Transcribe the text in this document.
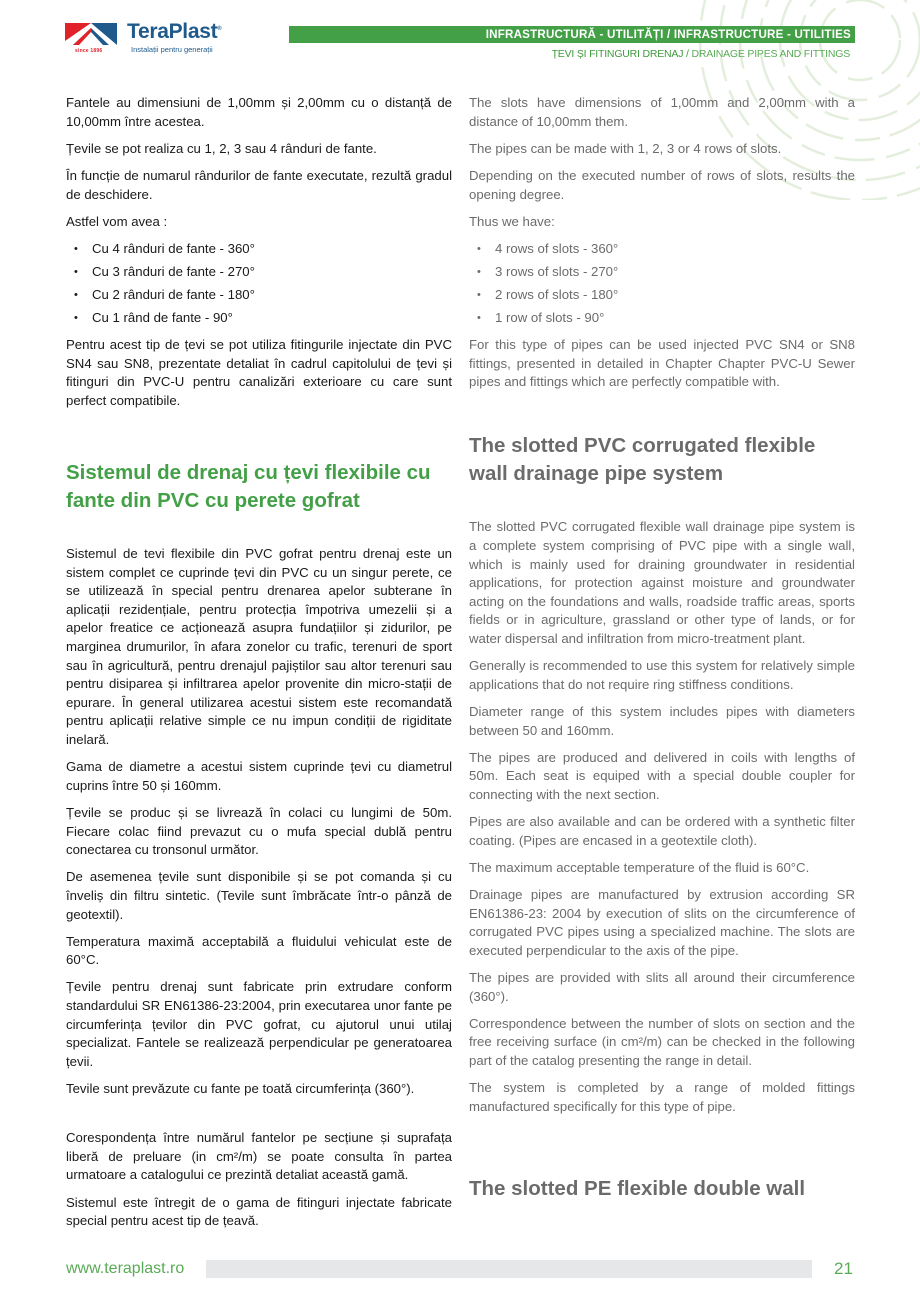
since 1896
TeraPlast®
Instalații pentru generații
INFRASTRUCTURĂ - UTILITĂȚI / INFRASTRUCTURE - UTILITIES
ȚEVI ȘI FITINGURI DRENAJ / DRAINAGE PIPES AND FITTINGS

Fantele au dimensiuni de 1,00mm și 2,00mm cu o distanță de 10,00mm între acestea.

Țevile se pot realiza cu 1, 2, 3 sau 4 rânduri de fante.

În funcție de numarul rândurilor de fante executate, rezultă gradul de deschidere.

Astfel vom avea :

• Cu 4 rânduri de fante - 360°
• Cu 3 rânduri de fante - 270°
• Cu 2 rânduri de fante - 180°
• Cu 1 rând de fante - 90°

Pentru acest tip de țevi se pot utiliza fitingurile injectate din PVC SN4 sau SN8, prezentate detaliat în cadrul capitolului de țevi și fitinguri din PVC-U pentru canalizări exterioare cu care sunt perfect compatibile.

Sistemul de drenaj cu țevi flexibile cu fante din PVC cu perete gofrat

Sistemul de tevi flexibile din PVC gofrat pentru drenaj este un sistem complet ce cuprinde țevi din PVC cu un singur perete, ce se utilizează în special pentru drenarea apelor subterane în aplicații rezidențiale, pentru protecția împotriva umezelii și a apelor freatice ce acționează asupra fundațiilor și zidurilor, pe marginea drumurilor, în afara zonelor cu trafic, terenuri de sport sau în agricultură, pentru drenajul pajiștilor sau altor terenuri sau pentru disiparea și infiltrarea apelor provenite din micro-stații de epurare. În general utilizarea acestui sistem este recomandată pentru aplicații relative simple ce nu impun condiții de rigiditate inelară.

Gama de diametre a acestui sistem cuprinde țevi cu diametrul cuprins între 50 și 160mm.

Țevile se produc și se livrează în colaci cu lungimi de 50m. Fiecare colac fiind prevazut cu o mufa special dublă pentru conectarea cu tronsonul următor.

De asemenea țevile sunt disponibile și se pot comanda și cu înveliș din filtru sintetic. (Tevile sunt îmbrăcate într-o pânză de geotextil).

Temperatura maximă acceptabilă a fluidului vehiculat este de 60°C.

Țevile pentru drenaj sunt fabricate prin extrudare conform standardului SR EN61386-23:2004, prin executarea unor fante pe circumferința țevilor din PVC gofrat, cu ajutorul unui utilaj specializat. Fantele se realizează perpendicular pe generatoarea țevii.

Tevile sunt prevăzute cu fante pe toată circumferința (360°).

Corespondența între numărul fantelor pe secțiune și suprafața liberă de preluare (in cm²/m) se poate consulta în partea urmatoare a catalogului ce prezintă detaliat această gamă.

Sistemul este întregit de o gama de fitinguri injectate fabricate special pentru acest tip de țeavă.

The slots have dimensions of 1,00mm and 2,00mm with a distance of 10,00mm them.

The pipes can be made with 1, 2, 3 or 4 rows of slots.

Depending on the executed number of rows of slots, results the opening degree.

Thus we have:

• 4 rows of slots - 360°
• 3 rows of slots - 270°
• 2 rows of slots - 180°
• 1 row of slots - 90°

For this type of pipes can be used injected PVC SN4 or SN8 fittings, presented in detailed in Chapter Chapter PVC-U Sewer pipes and fittings which are perfectly compatible with.

The slotted PVC corrugated flexible wall drainage pipe system

The slotted PVC corrugated flexible wall drainage pipe system is a complete system comprising of PVC pipe with a single wall, which is mainly used for draining groundwater in residential applications, for protection against moisture and groundwater acting on the foundations and walls, roadside traffic areas, sports fields or in agriculture, grassland or other type of lands, or for water dispersal and infiltration from micro-treatment plant.

Generally is recommended to use this system for relatively simple applications that do not require ring stiffness conditions.

Diameter range of this system includes pipes with diameters between 50 and 160mm.

The pipes are produced and delivered in coils with lengths of 50m. Each seat is equiped with a special double coupler for connecting with the next section.

Pipes are also available and can be ordered with a synthetic filter coating. (Pipes are encased in a geotextile cloth).

The maximum acceptable temperature of the fluid is 60°C.

Drainage pipes are manufactured by extrusion according SR EN61386-23: 2004 by execution of slits on the circumference of corrugated PVC pipes using a specialized machine. The slots are executed perpendicular to the axis of the pipe.

The pipes are provided with slits all around their circumference (360°).

Correspondence between the number of slots on section and the free receiving surface (in cm²/m) can be checked in the following part of the catalog presenting the range in detail.

The system is completed by a range of molded fittings manufactured specifically for this type of pipe.

The slotted PE flexible double wall
www.teraplast.ro	21
